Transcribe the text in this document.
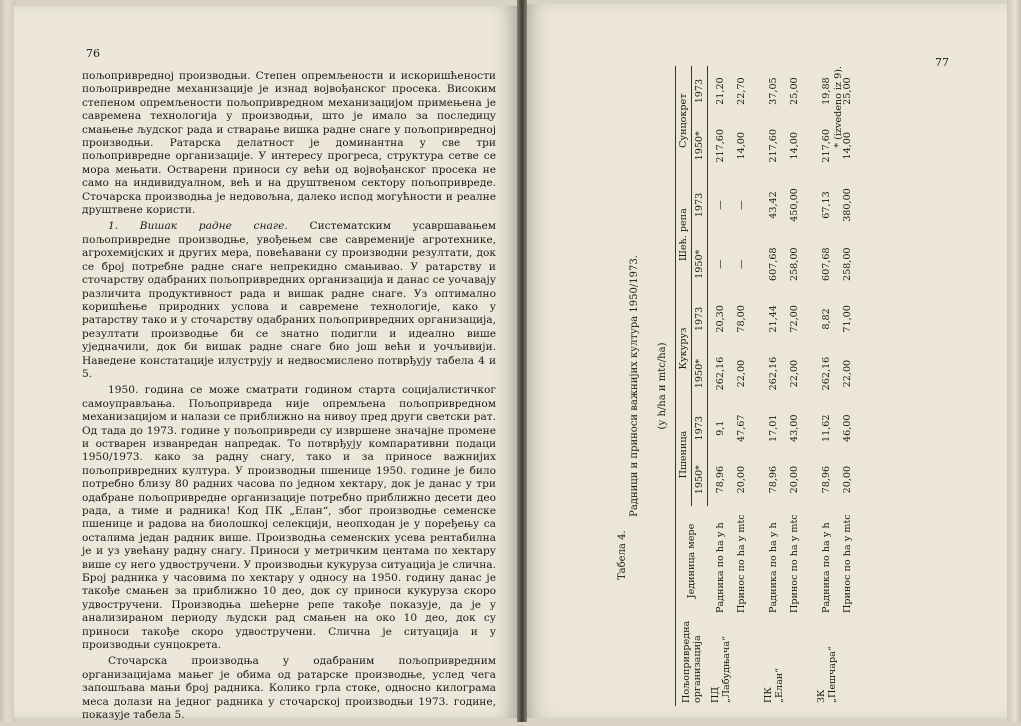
76
77

пољопривредној производњи. Степен опремљености и искоришћености пољопривредне механизације је изнад војвођанског просека. Високим степеном опремљености пољопривредном механизацијом примењена је савремена технологија у производњи, што је имало за последицу смањење људског рада и стварање вишка радне снаге у пољопривредној производњи. Ратарска делатност је доминантна у све три пољопривредне организације. У интересу прогреса, структура сетве се мора мењати. Остварени приноси су већи од војвођанског просека не само на индивидуалном, већ и на друштвеном сектору пољопривреде. Сточарска производња је недовољна, далеко испод могућности и реалне друштвене користи.

1. Вишак радне снаге. Систематским усавршавањем пољопривредне производње, увођењем све савременије агротехнике, агрохемијских и других мера, повећавани су производни резултати, док се број потребне радне снаге непрекидно смањивао. У ратарству и сточарству одабраних пољопривредних организација и данас се уочавају различита продуктивност рада и вишак радне снаге. Уз оптимално коришћење природних услова и савремене технологије, како у ратарству тако и у сточарству одабраних пољопривредних организација, резултати производње би се знатно подигли и идеално више уједначили, док би вишак радне снаге био још већи и уочљивији. Наведене констатације илуструју и недвосмислено потврђују табела 4 и 5.

1950. година се може сматрати годином старта социјалистичког самоуправљања. Пољопривреда није опремљена пољопривредном механизацијом и налази се приближно на нивоу пред други светски рат. Од тада до 1973. године у пољопривреди су извршене значајне промене и остварен изванредан напредак. То потврђују компаративни подаци 1950/1973. како за радну снагу, тако и за приносе важнијих пољопривредних култура. У производњи пшенице 1950. године је било потребно близу 80 радних часова по једном хектару, док је данас у три одабране пољопривредне организације потребно приближно десети део рада, а тиме и радника! Код ПК „Елан“, због производње семенске пшенице и радова на биолошкој селекцији, неопходан је у поређењу са осталима један радник више. Производња семенских усева рентабилна је и уз увећану радну снагу. Приноси у метричким центама по хектару више су него удвостручени. У производњи кукуруза ситуација је слична. Број радника у часовима по хектару у односу на 1950. годину данас је такође смањен за приближно 10 део, док су приноси кукуруза скоро удвостручени. Производња шећерне репе такође показује, да је у анализираном периоду људски рад смањен на око 10 део, док су приноси такође скоро удвостручени. Слична је ситуација и у производњи сунцокрета.

Сточарска производња у одабраним пољопривредним организацијама мањег је обима од ратарске производње, услед чега запошљава мањи број радника. Колико грла стоке, односно килограма меса долази на једног радника у сточарској производњи 1973. године, показује табела 5.

Табела 4.
Радници и приноси важнијих култура 1950/1973. (у h/ha и mtc/ha)
Пољопривредна организација	Јединица мере	Пшеница		Кукуруз		Шећ. репа		Сунцокрет	
		1950*	1973	1950*	1973	1950*	1973	1950*	1973

ПД „Лабудњача“	Радника по ha у h	78,96	9,1	262,16	20,30	—	—	217,60	21,20

	Принос по ha у mtc	20,00	47,67	22,00	78,00	—	—	14,00	22,70

ПК „Елан“	Радника по ha у h	78,96	17,01	262,16	21,44	607,68	43,42	217,60	37,05

	Принос по ha у mtc	20,00	43,00	22,00	72,00	258,00	450,00	14,00	25,00

ЗК „Пешчара“	Радника по ha у h	78,96	11,62	262,16	8,82	607,68	67,13	217,60	19,88

	Принос по ha у mtc	20,00	46,00	22,00	71,00	258,00	380,00	14,00	25,00
* (izvedeno iz 9).
